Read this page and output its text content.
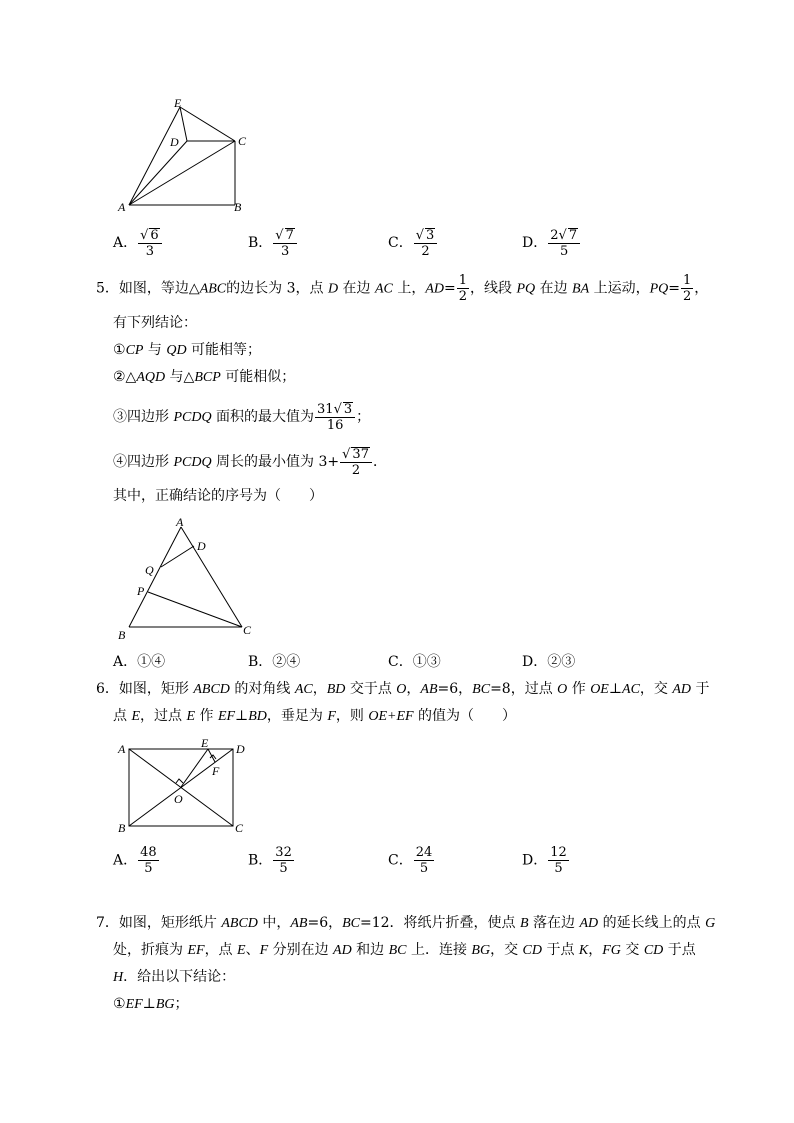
E
D	C
A	B
A． $\frac{√ 6}{3}$	B． $\frac{√ 7}{3}$	C． $\frac{√ 3}{2}$	D． $\frac{2√ 7}{5}$
5．如图，等边△ABC的边长为 3，点 D 在边 AC 上，$AD= \frac{1}{2}$ ，线段 PQ 在边 BA 上运动，$PQ= \frac{1}{2}$ ，
有下列结论：
①CP 与 QD 可能相等；
②△AQD 与△BCP 可能相似；
③四边形 PCDQ 面积的最大值为 $\frac{31√ 3}{16}$ ；
④四边形 PCDQ 周长的最小值为 $3+ \frac{√ 37}{2}$ ．
其中，正确结论的序号为（　　）
A
D
Q
P
B	C
A．①④	B．②④	C．①③	D．②③
6．如图，矩形 ABCD 的对角线 AC，BD 交于点 O，AB=6，BC=8，过点 O 作 OE⊥AC，交 AD 于
点 E，过点 E 作 EF⊥BD，垂足为 F，则 OE+EF 的值为（　　）
A	E D
F
O
B	C
A． $\frac{48}{5}$	B． $\frac{32}{5}$	C． $\frac{24}{5}$	D． $\frac{12}{5}$
7．如图，矩形纸片 ABCD 中，AB=6，BC=12．将纸片折叠，使点 B 落在边 AD 的延长线上的点 G
处，折痕为 EF，点 E、F 分别在边 AD 和边 BC 上．连接 BG，交 CD 于点 K，FG 交 CD 于点
H．给出以下结论：
①EF⊥BG；
